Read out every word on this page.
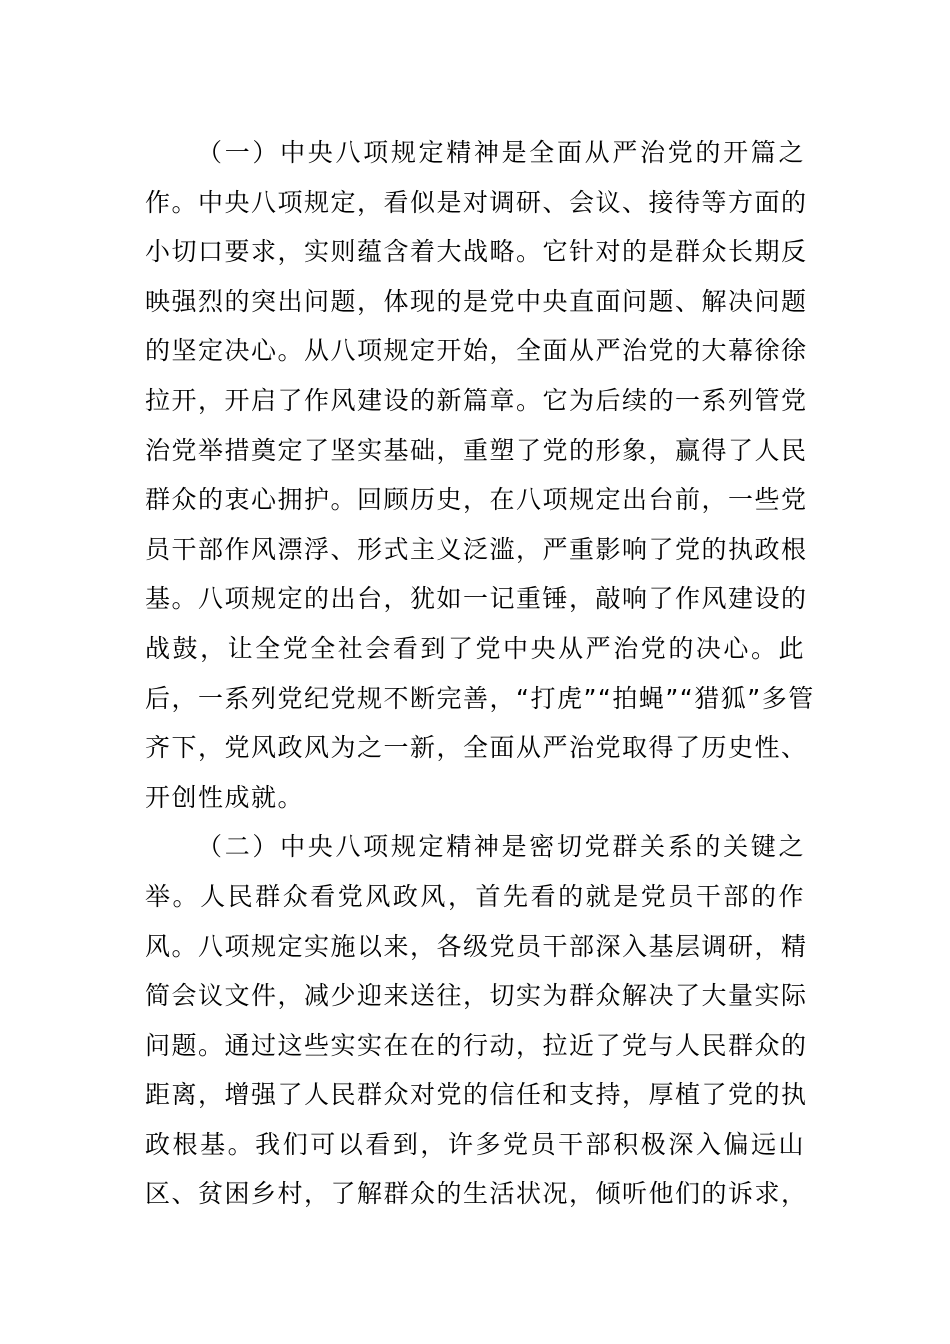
（一）中央八项规定精神是全面从严治党的开篇之
作。中央八项规定，看似是对调研、会议、接待等方面的
小切口要求，实则蕴含着大战略。它针对的是群众长期反
映强烈的突出问题，体现的是党中央直面问题、解决问题
的坚定决心。从八项规定开始，全面从严治党的大幕徐徐
拉开，开启了作风建设的新篇章。它为后续的一系列管党
治党举措奠定了坚实基础，重塑了党的形象，赢得了人民
群众的衷心拥护。回顾历史，在八项规定出台前，一些党
员干部作风漂浮、形式主义泛滥，严重影响了党的执政根
基。八项规定的出台，犹如一记重锤，敲响了作风建设的
战鼓，让全党全社会看到了党中央从严治党的决心。此
后，一系列党纪党规不断完善，“打虎”“拍蝇”“猎狐”多管
齐下，党风政风为之一新，全面从严治党取得了历史性、
开创性成就。
（二）中央八项规定精神是密切党群关系的关键之
举。人民群众看党风政风，首先看的就是党员干部的作
风。八项规定实施以来，各级党员干部深入基层调研，精
简会议文件，减少迎来送往，切实为群众解决了大量实际
问题。通过这些实实在在的行动，拉近了党与人民群众的
距离，增强了人民群众对党的信任和支持，厚植了党的执
政根基。我们可以看到，许多党员干部积极深入偏远山
区、贫困乡村，了解群众的生活状况，倾听他们的诉求，
